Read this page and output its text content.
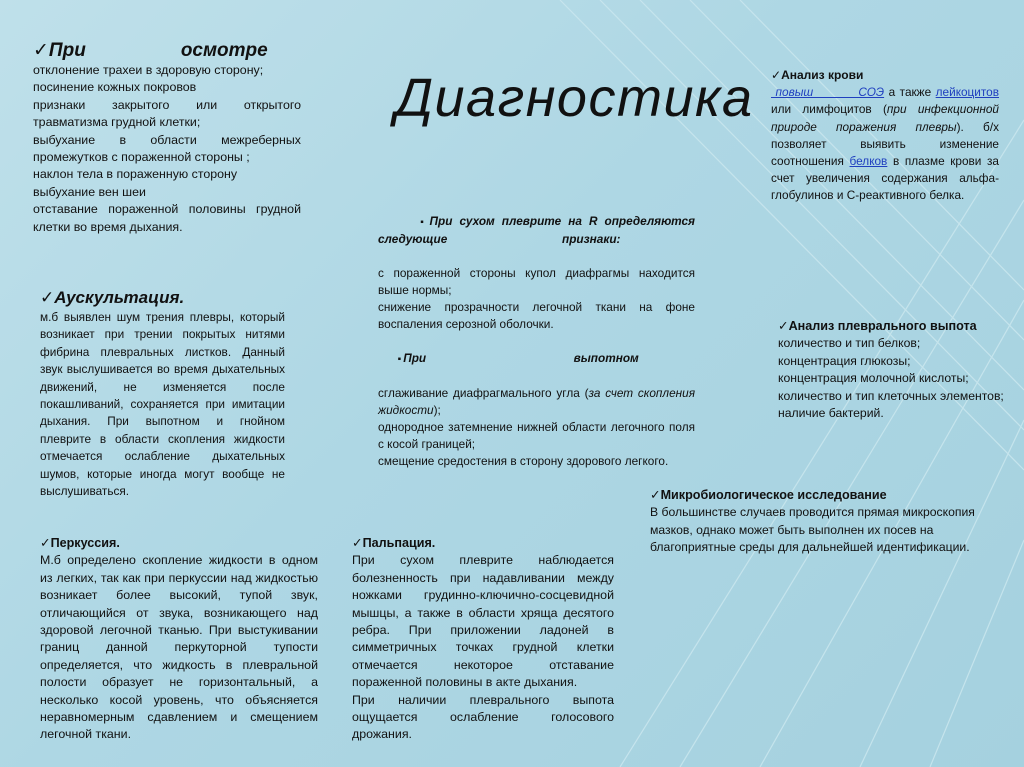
Диагностика

✓При                  осмотре

отклонение трахеи в здоровую сторону;

посинение кожных покровов

признаки закрытого или открытого травматизма грудной клетки;

выбухание в области межреберных промежутков с пораженной стороны ;

наклон тела в пораженную сторону

выбухание вен шеи

отставание пораженной половины грудной клетки во время дыхания.

✓Аускультация.

м.б выявлен шум трения плевры, который возникает при трении покрытых нитями фибрина плевральных листков. Данный звук выслушивается во время дыхательных движений, не изменяется после покашливаний, сохраняется при имитации дыхания. При выпотном и гнойном плеврите в области скопления жидкости отмечается ослабление дыхательных шумов, которые иногда могут вообще не выслушиваться.

✓Перкуссия.

М.б определено скопление жидкости в одном из легких, так как при перкуссии над жидкостью возникает более высокий, тупой звук, отличающийся от звука, возникающего над здоровой легочной тканью. При выстукивании границ данной перкуторной тупости определяется, что жидкость в плевральной полости образует не горизонтальный, а несколько косой уровень, что объясняется неравномерным сдавлением и смещением легочной ткани.

▪ При сухом плеврите на R определяются следующие                                   признаки:

с пораженной стороны купол диафрагмы находится выше нормы;

снижение прозрачности легочной ткани на фоне воспаления серозной оболочки.

▪ При                                             выпотном

сглаживание диафрагмального угла (за счет скопления жидкости);

однородное затемнение нижней области легочного поля с косой границей;

смещение средостения в сторону здорового легкого.

✓Пальпация.

При сухом плеврите наблюдается болезненность при надавливании между ножками грудинно-ключично-сосцевидной мышцы, а также в области хряща десятого ребра. При приложении ладоней в симметричных точках грудной клетки отмечается некоторое отставание пораженной половины в акте дыхания.

При наличии плеврального выпота ощущается ослабление голосового дрожания.

✓Анализ крови

повыш          СОЭ а также лейкоцитов или лимфоцитов (при инфекционной природе поражения плевры). б/х позволяет выявить изменение соотношения белков в плазме крови за счет увеличения содержания альфа-глобулинов и С-реактивного белка.

✓Анализ плеврального выпота

количество и тип белков;

концентрация глюкозы;

концентрация молочной кислоты;

количество и тип клеточных элементов;

наличие бактерий.

✓Микробиологическое исследование

В большинстве случаев проводится прямая микроскопия мазков, однако может быть выполнен их посев на благоприятные среды для дальнейшей идентификации.
